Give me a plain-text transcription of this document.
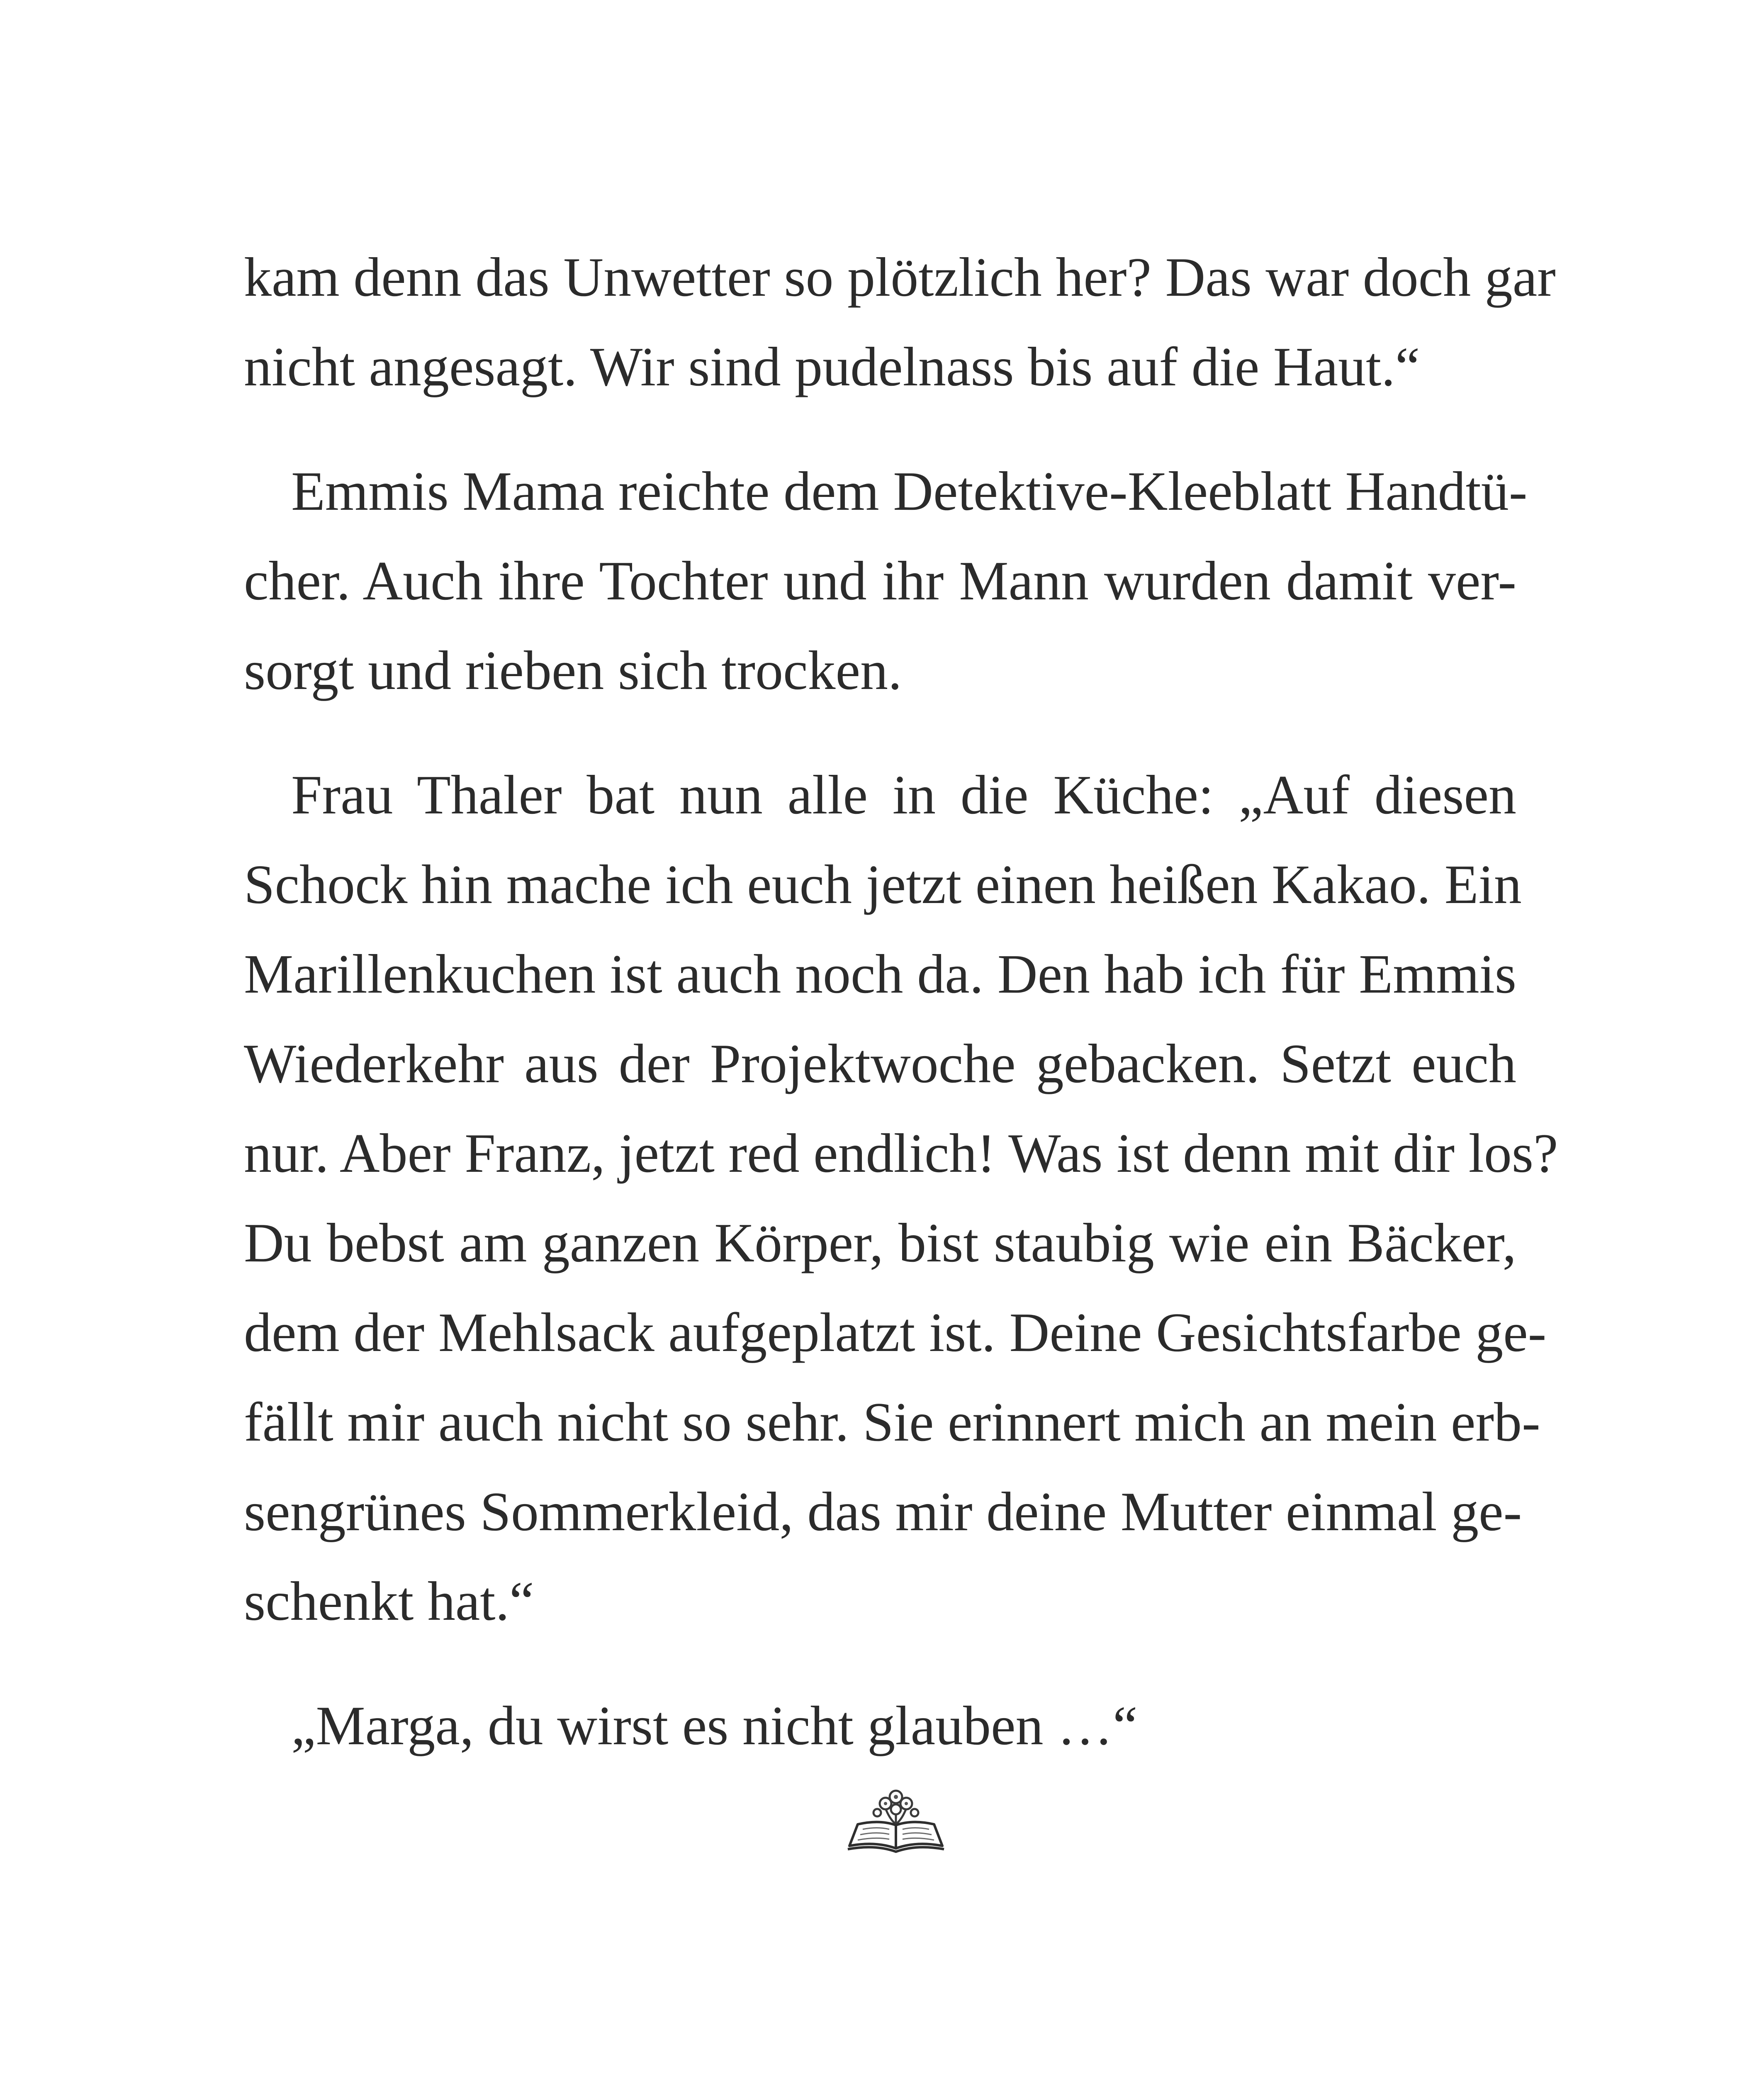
kam denn das Unwetter so plötzlich her? Das war doch gar
nicht angesagt. Wir sind pudelnass bis auf die Haut.“
Emmis Mama reichte dem Detektive-Kleeblatt Handtü-
cher. Auch ihre Tochter und ihr Mann wurden damit ver-
sorgt und rieben sich trocken.
Frau Thaler bat nun alle in die Küche: „Auf diesen
Schock hin mache ich euch jetzt einen heißen Kakao. Ein
Marillenkuchen ist auch noch da. Den hab ich für Emmis
Wiederkehr aus der Projektwoche gebacken. Setzt euch
nur. Aber Franz, jetzt red endlich! Was ist denn mit dir los?
Du bebst am ganzen Körper, bist staubig wie ein Bäcker,
dem der Mehlsack aufgeplatzt ist. Deine Gesichtsfarbe ge-
fällt mir auch nicht so sehr. Sie erinnert mich an mein erb-
sengrünes Sommerkleid, das mir deine Mutter einmal ge-
schenkt hat.“
„Marga, du wirst es nicht glauben …“
